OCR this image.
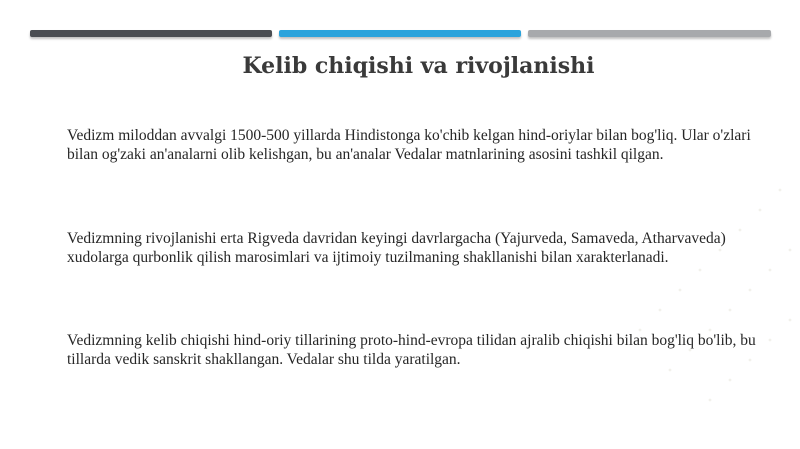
Kelib chiqishi va rivojlanishi

Vedizm miloddan avvalgi 1500-500 yillarda Hindistonga ko'chib kelgan hind-oriylar bilan bog'liq. Ular o'zlari bilan og'zaki an'analarni olib kelishgan, bu an'analar Vedalar matnlarining asosini tashkil qilgan.

Vedizmning rivojlanishi erta Rigveda davridan keyingi davrlargacha (Yajurveda, Samaveda, Atharvaveda) xudolarga qurbonlik qilish marosimlari va ijtimoiy tuzilmaning shakllanishi bilan xarakterlanadi.

Vedizmning kelib chiqishi hind-oriy tillarining proto-hind-evropa tilidan ajralib chiqishi bilan bog'liq bo'lib, bu tillarda vedik sanskrit shakllangan. Vedalar shu tilda yaratilgan.
